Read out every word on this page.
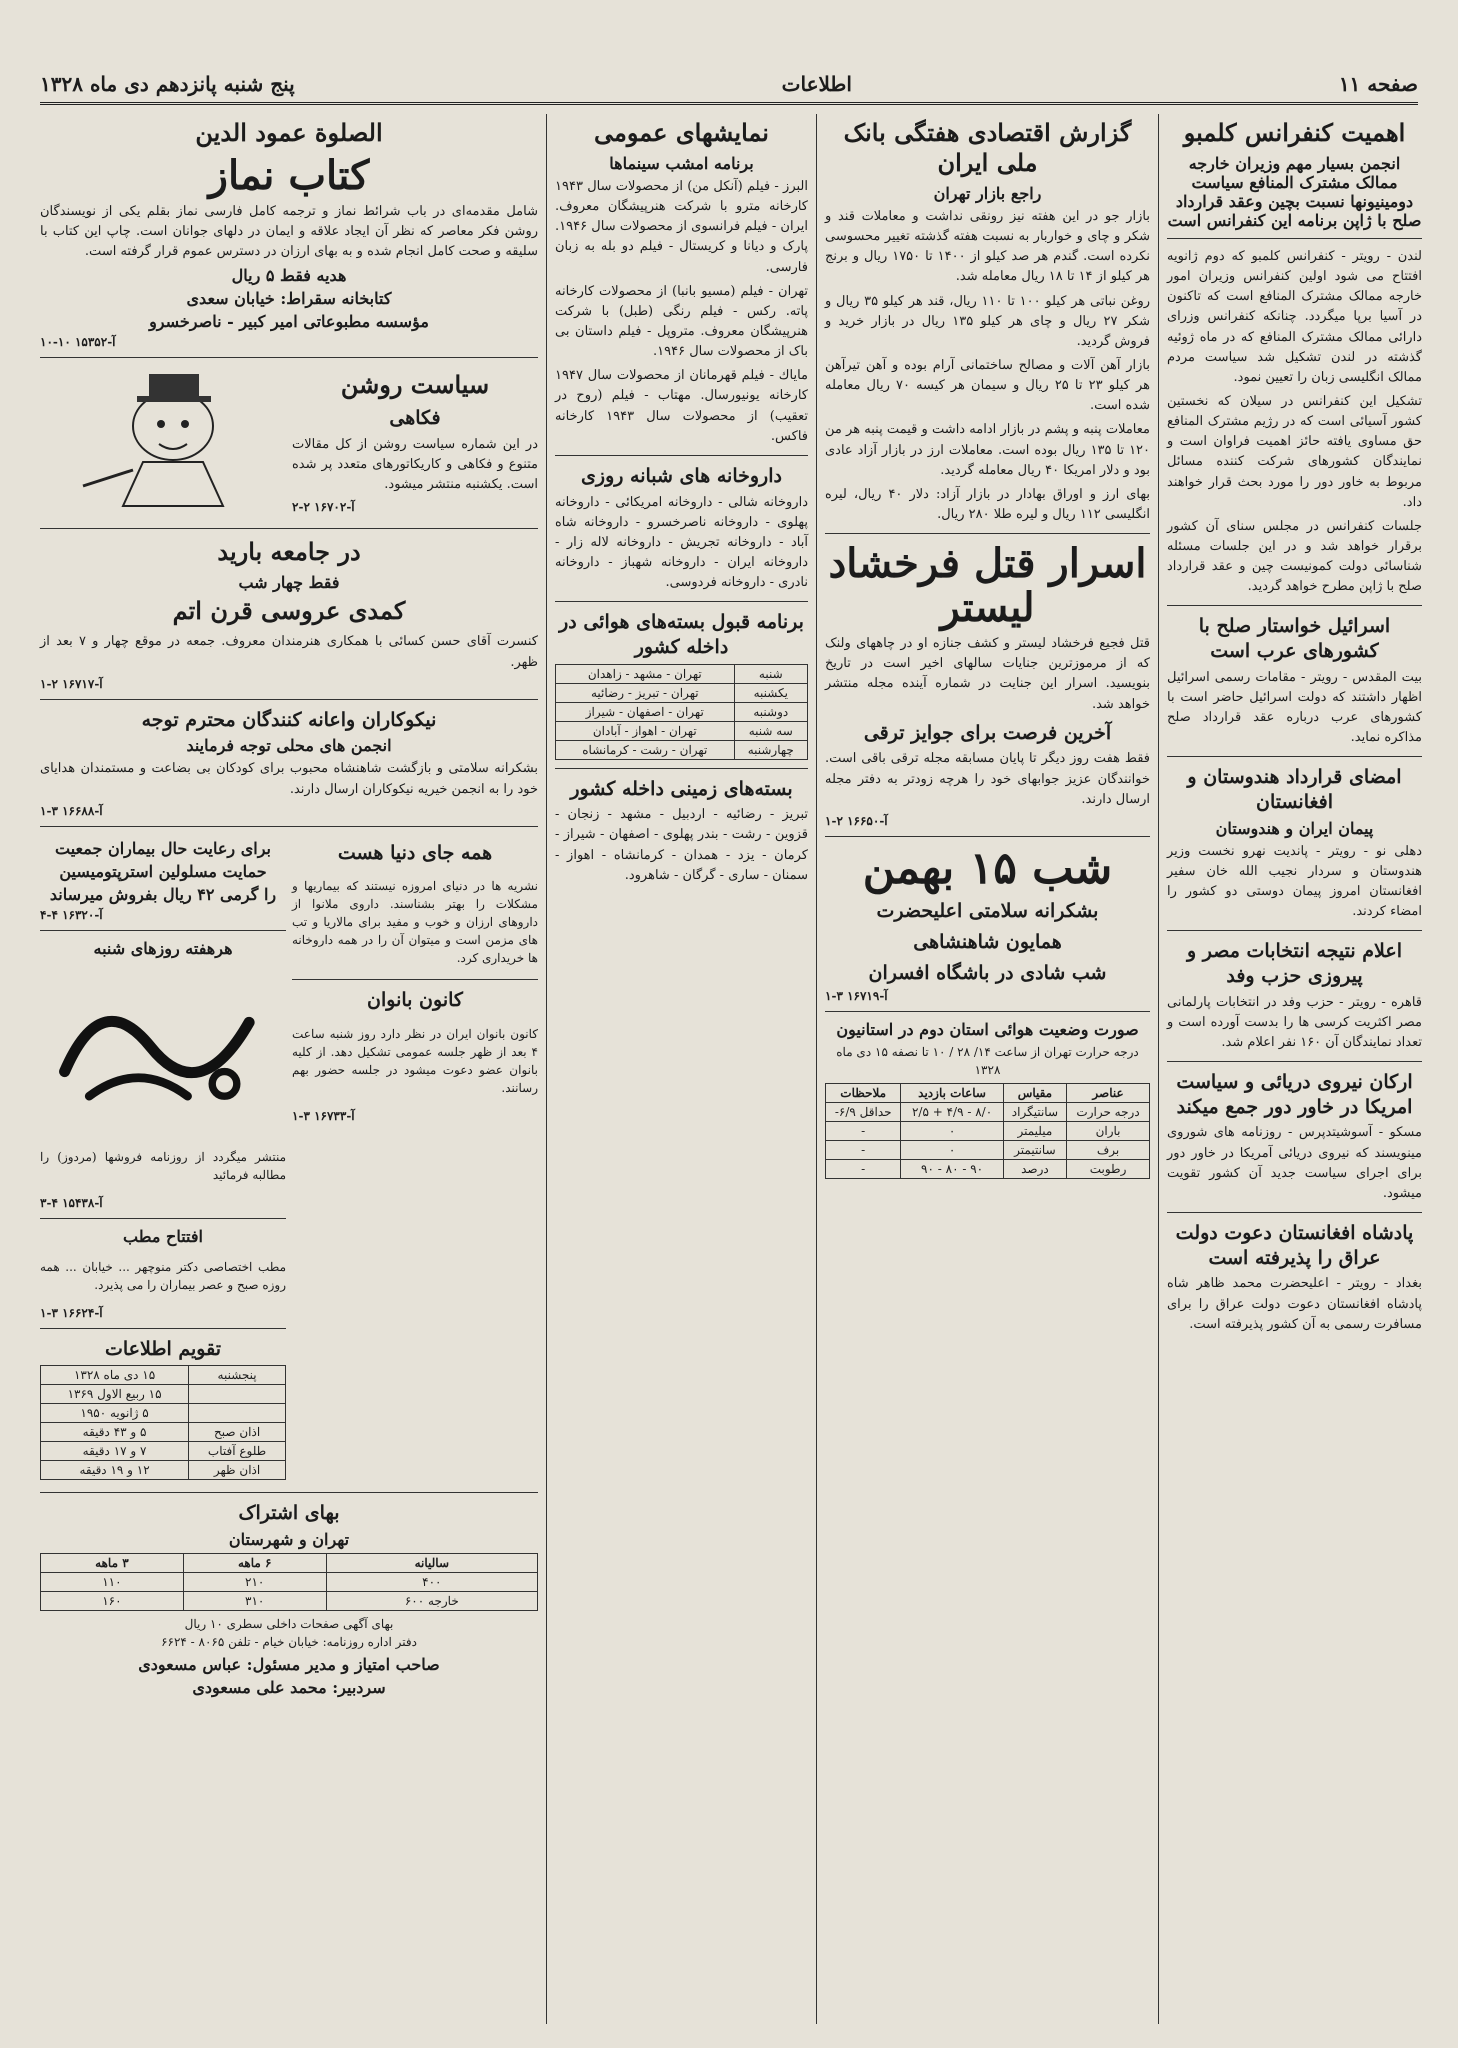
صفحه ۱۱
اطلاعات
پنج شنبه پانزدهم دی ماه ۱۳۲۸
اهمیت کنفرانس کلمبو
انجمن بسیار مهم وزیران خارجه ممالک مشترک المنافع سیاست دومینیونها نسبت بچین وعقد قرارداد صلح با ژاپن برنامه این کنفرانس است

لندن - رویتر - کنفرانس کلمبو که دوم ژانویه افتتاح می شود اولین کنفرانس وزیران امور خارجه ممالک مشترک المنافع است که تاکنون در آسیا برپا میگردد. چنانکه کنفرانس وزرای دارائی ممالک مشترک المنافع که در ماه ژوئیه گذشته در لندن تشکیل شد سیاست مردم ممالک انگلیسی زبان را تعیین نمود.

تشکیل این کنفرانس در سیلان که نخستین کشور آسیائی است که در رژیم مشترک المنافع حق مساوی یافته حائز اهمیت فراوان است و نمایندگان کشورهای شرکت کننده مسائل مربوط به خاور دور را مورد بحث قرار خواهند داد.

جلسات کنفرانس در مجلس سنای آن کشور برقرار خواهد شد و در این جلسات مسئله شناسائی دولت کمونیست چین و عقد قرارداد صلح با ژاپن مطرح خواهد گردید.

اسرائیل خواستار صلح با کشورهای عرب است

بیت المقدس - رویتر - مقامات رسمی اسرائیل اظهار داشتند که دولت اسرائیل حاضر است با کشورهای عرب درباره عقد قرارداد صلح مذاکره نماید.

امضای قرارداد هندوستان و افغانستان
پیمان ایران و هندوستان

دهلی نو - رویتر - پاندیت نهرو نخست وزیر هندوستان و سردار نجیب الله خان سفیر افغانستان امروز پیمان دوستی دو کشور را امضاء کردند.

اعلام نتیجه انتخابات مصر و پیروزی حزب وفد

قاهره - رویتر - حزب وفد در انتخابات پارلمانی مصر اکثریت کرسی ها را بدست آورده است و تعداد نمایندگان آن ۱۶۰ نفر اعلام شد.

ارکان نیروی دریائی و سیاست امریکا در خاور دور جمع میکند

مسکو - آسوشیتدپرس - روزنامه های شوروی مینویسند که نیروی دریائی آمریکا در خاور دور برای اجرای سیاست جدید آن کشور تقویت میشود.

پادشاه افغانستان دعوت دولت عراق را پذیرفته است

بغداد - رویتر - اعلیحضرت محمد ظاهر شاه پادشاه افغانستان دعوت دولت عراق را برای مسافرت رسمی به آن کشور پذیرفته است.

گزارش اقتصادی هفتگی بانک ملی ایران
راجع بازار تهران

بازار جو در این هفته نیز رونقی نداشت و معاملات قند و شکر و چای و خواربار به نسبت هفته گذشته تغییر محسوسی نکرده است. گندم هر صد کیلو از ۱۴۰۰ تا ۱۷۵۰ ریال و برنج هر کیلو از ۱۴ تا ۱۸ ریال معامله شد.

روغن نباتی هر کیلو ۱۰۰ تا ۱۱۰ ریال، قند هر کیلو ۳۵ ریال و شکر ۲۷ ریال و چای هر کیلو ۱۳۵ ریال در بازار خرید و فروش گردید.

بازار آهن آلات و مصالح ساختمانی آرام بوده و آهن تیرآهن هر کیلو ۲۳ تا ۲۵ ریال و سیمان هر کیسه ۷۰ ریال معامله شده است.

معاملات پنبه و پشم در بازار ادامه داشت و قیمت پنبه هر من ۱۲۰ تا ۱۳۵ ریال بوده است. معاملات ارز در بازار آزاد عادی بود و دلار امریکا ۴۰ ریال معامله گردید.

بهای ارز و اوراق بهادار در بازار آزاد: دلار ۴۰ ریال، لیره انگلیسی ۱۱۲ ریال و لیره طلا ۲۸۰ ریال.

اسرار قتل فرخشاد لیستر

قتل فجیع فرخشاد لیستر و کشف جنازه او در چاههای ولنک که از مرموزترین جنایات سالهای اخیر است در تاریخ بنویسید. اسرار این جنایت در شماره آینده مجله منتشر خواهد شد.

آخرین فرصت برای جوایز ترقی

فقط هفت روز دیگر تا پایان مسابقه مجله ترقی باقی است. خوانندگان عزیز جوابهای خود را هرچه زودتر به دفتر مجله ارسال دارند.

آ-۱۶۶۵۰ ۲-۱
شب ۱۵ بهمن
بشکرانه سلامتی اعلیحضرت
همایون شاهنشاهی
شب شادی در باشگاه افسران
آ-۱۶۷۱۹ ۳-۱
صورت وضعیت هوائی استان دوم در استانیون
درجه حرارت تهران از ساعت ۱۴/ ۲۸ / ۱۰ تا نصفه ۱۵ دی ماه ۱۳۲۸
عناصر	مقیاس	ساعات بازدید	ملاحظات
درجه حرارت	سانتیگراد	۸/۰ - ۴/۹ + ۲/۵	حداقل ۶/۹-
باران	میلیمتر	۰	-
برف	سانتیمتر	۰	-
رطوبت	درصد	۹۰ - ۸۰ - ۹۰	-
نمایشهای عمومی
برنامه امشب سینماها

البرز - فیلم (آنکل من) از محصولات سال ۱۹۴۳ کارخانه مترو با شرکت هنرپیشگان معروف. ایران - فیلم فرانسوی از محصولات سال ۱۹۴۶. پارک و دیانا و کریستال - فیلم دو بله به زبان فارسی.

تهران - فیلم (مسیو بانبا) از محصولات کارخانه پاته. رکس - فیلم رنگی (طبل) با شرکت هنرپیشگان معروف. متروپل - فیلم داستان بی باک از محصولات سال ۱۹۴۶.

ماياك - فیلم قهرمانان از محصولات سال ۱۹۴۷ کارخانه یونیورسال. مهتاب - فیلم (روح در تعقیب) از محصولات سال ۱۹۴۳ کارخانه فاکس.

داروخانه های شبانه روزی

داروخانه شالی - داروخانه امریکائی - داروخانه پهلوی - داروخانه ناصرخسرو - داروخانه شاه آباد - داروخانه تجریش - داروخانه لاله زار - داروخانه ایران - داروخانه شهباز - داروخانه نادری - داروخانه فردوسی.

برنامه قبول بسته‌های هوائی در داخله کشور
شنبه	تهران - مشهد - زاهدان
یکشنبه	تهران - تبریز - رضائیه
دوشنبه	تهران - اصفهان - شیراز
سه شنبه	تهران - اهواز - آبادان
چهارشنبه	تهران - رشت - کرمانشاه
بسته‌های زمینی داخله کشور

تبریز - رضائیه - اردبیل - مشهد - زنجان - قزوین - رشت - بندر پهلوی - اصفهان - شیراز - کرمان - یزد - همدان - کرمانشاه - اهواز - سمنان - ساری - گرگان - شاهرود.

الصلوة عمود الدین
کتاب نماز

شامل مقدمه‌ای در باب شرائط نماز و ترجمه کامل فارسی نماز بقلم یکی از نویسندگان روشن فکر معاصر که نظر آن ایجاد علاقه و ایمان در دلهای جوانان است. چاپ این کتاب با سلیقه و صحت کامل انجام شده و به بهای ارزان در دسترس عموم قرار گرفته است.

هدیه فقط ۵ ریال
کتابخانه سقراط: خیابان سعدی
مؤسسه مطبوعاتی امیر کبیر - ناصرخسرو
آ-۱۵۳۵۲ ۱۰-۱۰
سیاست روشن
فکاهی

در این شماره سیاست روشن از کل مقالات متنوع و فکاهی و کاریکاتورهای متعدد پر شده است. یکشنبه منتشر میشود.

آ-۱۶۷۰۲ ۲-۲
در جامعه بارید
فقط چهار شب
کمدی عروسی قرن اتم

کنسرت آقای حسن کسائی با همکاری هنرمندان معروف. جمعه در موقع چهار و ۷ بعد از ظهر.

آ-۱۶۷۱۷ ۲-۱
نیکوکاران واعانه کنندگان محترم توجه
انجمن های محلی توجه فرمایند

بشکرانه سلامتی و بازگشت شاهنشاه محبوب برای کودکان بی بضاعت و مستمندان هدایای خود را به انجمن خیریه نیکوکاران ارسال دارند.

آ-۱۶۶۸۸ ۳-۱
همه جای دنیا هست

نشریه ها در دنیای امروزه نیستند که بیماریها و مشکلات را بهتر بشناسند. داروی ملانوا از داروهای ارزان و خوب و مفید برای مالاریا و تب های مزمن است و میتوان آن را در همه داروخانه ها خریداری کرد.

کانون بانوان

کانون بانوان ایران در نظر دارد روز شنبه ساعت ۴ بعد از ظهر جلسه عمومی تشکیل دهد. از کلیه بانوان عضو دعوت میشود در جلسه حضور بهم رسانند.

آ-۱۶۷۳۳ ۳-۱
برای رعایت حال بیماران جمعیت
حمایت مسلولین استرپتومیسین
را گرمی ۴۲ ریال بفروش میرساند
آ-۱۶۳۲۰ ۴-۴
هرهفته روزهای شنبه

منتشر میگردد از روزنامه فروشها (مردوز) را مطالبه فرمائید

آ-۱۵۴۳۸ ۴-۳
افتتاح مطب

مطب اختصاصی دکتر منوچهر ... خیابان ... همه روزه صبح و عصر بیماران را می پذیرد.

آ-۱۶۶۲۴ ۳-۱
تقویم اطلاعات
پنجشنبه	۱۵ دی ماه ۱۳۲۸
	۱۵ ربیع الاول ۱۳۶۹
	۵ ژانویه ۱۹۵۰
اذان صبح	۵ و ۴۳ دقیقه
طلوع آفتاب	۷ و ۱۷ دقیقه
اذان ظهر	۱۲ و ۱۹ دقیقه
بهای اشتراک
تهران و شهرستان
سالیانه	۶ ماهه	۳ ماهه
۴۰۰	۲۱۰	۱۱۰
خارجه ۶۰۰	۳۱۰	۱۶۰
بهای آگهی صفحات داخلی سطری ۱۰ ریال
دفتر اداره روزنامه: خیابان خیام - تلفن ۸۰۶۵ - ۶۶۲۴
صاحب امتیاز و مدیر مسئول: عباس مسعودی
سردبیر: محمد علی مسعودی
